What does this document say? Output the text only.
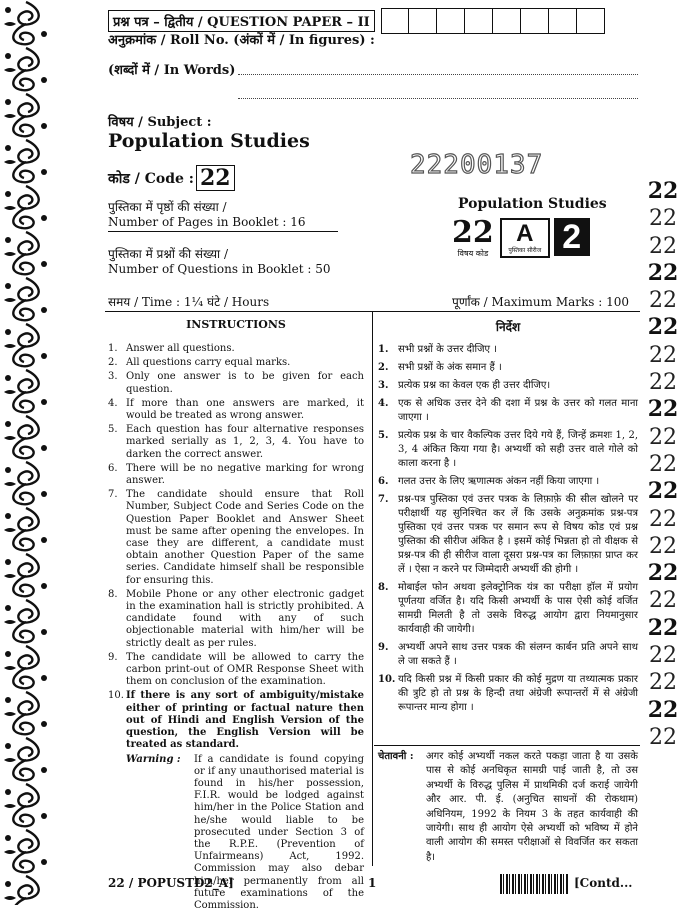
प्रश्न पत्र – द्वितीय / QUESTION PAPER – II
अनुक्रमांक / Roll No. (अंकों में / In figures) :
(शब्दों में / In Words)
विषय / Subject :
Population Studies
कोड / Code : 22	22200137
पुस्तिका में पृष्ठों की संख्या /
Number of Pages in Booklet : 16
पुस्तिका में प्रश्नों की संख्या /
Number of Questions in Booklet : 50
Population Studies
22
विषय कोड
A
पुस्तिका सीरीज 2
समय / Time : 1¼ घंटे / Hours	पूर्णांक / Maximum Marks : 100
INSTRUCTIONS
1. Answer all questions.
2. All questions carry equal marks.
3. Only one answer is to be given for each question.
4. If more than one answers are marked, it would be treated as wrong answer.
5. Each question has four alternative responses marked serially as 1, 2, 3, 4. You have to darken the correct answer.
6. There will be no negative marking for wrong answer.
7. The candidate should ensure that Roll Number, Subject Code and Series Code on the Question Paper Booklet and Answer Sheet must be same after opening the envelopes. In case they are different, a candidate must obtain another Question Paper of the same series. Candidate himself shall be responsible for ensuring this.
8. Mobile Phone or any other electronic gadget in the examination hall is strictly prohibited. A candidate found with any of such objectionable material with him/her will be strictly dealt as per rules.
9. The candidate will be allowed to carry the carbon print-out of OMR Response Sheet with them on conclusion of the examination.
10. If there is any sort of ambiguity/mistake either of printing or factual nature then out of Hindi and English Version of the question, the English Version will be treated as standard.
Warning :	If a candidate is found copying or if any unauthorised material is found in his/her possession, F.I.R. would be lodged against him/her in the Police Station and he/she would liable to be prosecuted under Section 3 of the R.P.E. (Prevention of Unfairmeans) Act, 1992. Commission may also debar him/her permanently from all future examinations of the Commission.
निर्देश
1. सभी प्रश्नों के उत्तर दीजिए ।
2. सभी प्रश्नों के अंक समान हैं ।
3. प्रत्येक प्रश्न का केवल एक ही उत्तर दीजिए।
4. एक से अधिक उत्तर देने की दशा में प्रश्न के उत्तर को गलत माना जाएगा ।
5. प्रत्येक प्रश्न के चार वैकल्पिक उत्तर दिये गये हैं, जिन्हें क्रमशः 1, 2, 3, 4 अंकित किया गया है। अभ्यर्थी को सही उत्तर वाले गोले को काला करना है ।
6. गलत उत्तर के लिए ऋणात्मक अंकन नहीं किया जाएगा ।
7. प्रश्न-पत्र पुस्तिका एवं उत्तर पत्रक के लिफ़ाफ़े की सील खोलने पर परीक्षार्थी यह सुनिश्चित कर लें कि उसके अनुक्रमांक प्रश्न-पत्र पुस्तिका एवं उत्तर पत्रक पर समान रूप से विषय कोड एवं प्रश्न पुस्तिका की सीरीज अंकित है । इसमें कोई भिन्नता हो तो वीक्षक से प्रश्न-पत्र की ही सीरीज वाला दूसरा प्रश्न-पत्र का लिफ़ाफ़ा प्राप्त कर लें । ऐसा न करने पर जिम्मेदारी अभ्यर्थी की होगी ।
8. मोबाईल फोन अथवा इलेक्ट्रोनिक यंत्र का परीक्षा हॉल में प्रयोग पूर्णतया वर्जित है। यदि किसी अभ्यर्थी के पास ऐसी कोई वर्जित सामग्री मिलती है तो उसके विरुद्ध आयोग द्वारा नियमानुसार कार्यवाही की जायेगी।
9. अभ्यर्थी अपने साथ उत्तर पत्रक की संलग्न कार्बन प्रति अपने साथ ले जा सकते हैं ।
10. यदि किसी प्रश्न में किसी प्रकार की कोई मुद्रण या तथ्यात्मक प्रकार की त्रुटि हो तो प्रश्न के हिन्दी तथा अंग्रेजी रूपान्तरों में से अंग्रेजी रूपान्तर मान्य होगा ।
चेतावनी :	अगर कोई अभ्यर्थी नकल करते पकड़ा जाता है या उसके पास से कोई अनधिकृत सामग्री पाई जाती है, तो उस अभ्यर्थी के विरुद्ध पुलिस में प्राथमिकी दर्ज कराई जायेगी और आर. पी. ई. (अनुचित साधनों की रोकथाम) अधिनियम, 1992 के नियम 3 के तहत कार्यवाही की जायेगी। साथ ही आयोग ऐसे अभ्यर्थी को भविष्य में होने वाली आयोग की समस्त परीक्षाओं से विवर्जित कर सकता है।
22
22
22
22
22
22
22
22
22
22
22
22
22
22
22
22
22
22
22
22
22
22 / POPUSTD2_A]	1	[Contd...
